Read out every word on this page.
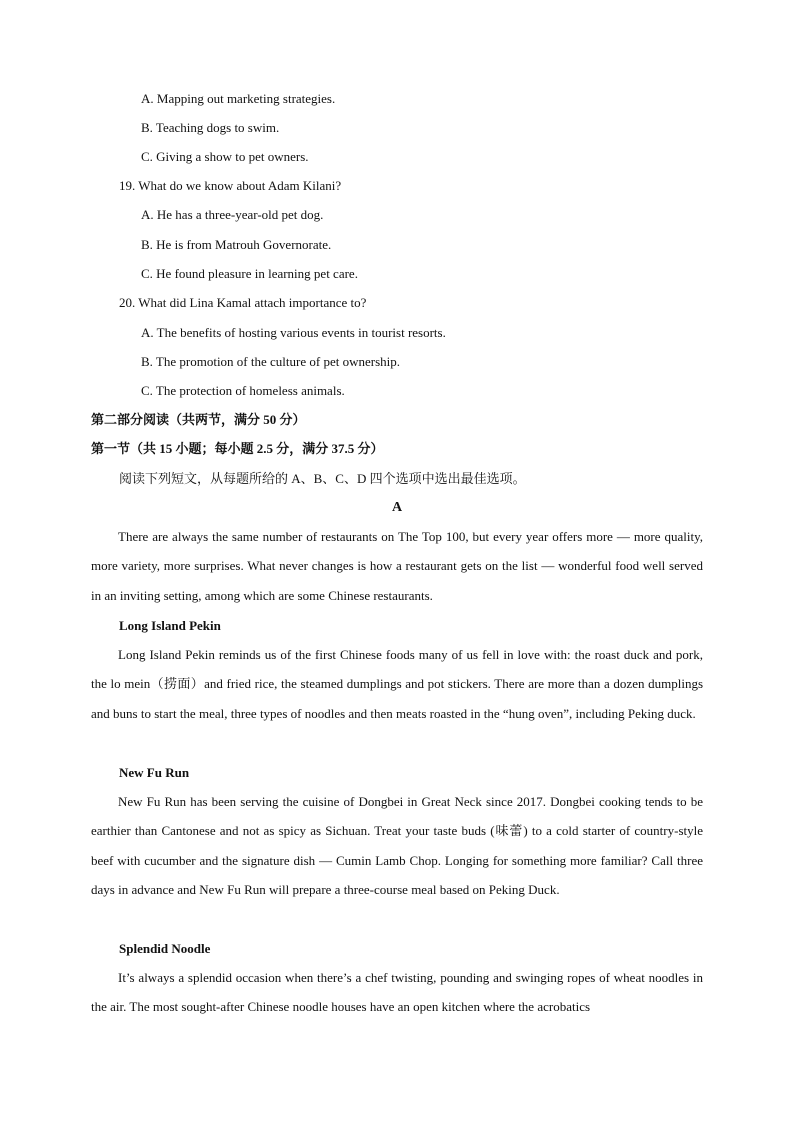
A. Mapping out marketing strategies.
B. Teaching dogs to swim.
C. Giving a show to pet owners.
19. What do we know about Adam Kilani?
A. He has a three-year-old pet dog.
B. He is from Matrouh Governorate.
C. He found pleasure in learning pet care.
20. What did Lina Kamal attach importance to?
A. The benefits of hosting various events in tourist resorts.
B. The promotion of the culture of pet ownership.
C. The protection of homeless animals.
第二部分阅读（共两节，满分 50 分）
第一节（共 15 小题；每小题 2.5 分，满分 37.5 分）
阅读下列短文，从每题所给的 A、B、C、D 四个选项中选出最佳选项。
A
There are always the same number of restaurants on The Top 100, but every year offers more — more quality, more variety, more surprises. What never changes is how a restaurant gets on the list — wonderful food well served in an inviting setting, among which are some Chinese restaurants.
Long Island Pekin
Long Island Pekin reminds us of the first Chinese foods many of us fell in love with: the roast duck and pork, the lo mein（捞面）and fried rice, the steamed dumplings and pot stickers. There are more than a dozen dumplings and buns to start the meal, three types of noodles and then meats roasted in the “hung oven”, including Peking duck.
New Fu Run
New Fu Run has been serving the cuisine of Dongbei in Great Neck since 2017. Dongbei cooking tends to be earthier than Cantonese and not as spicy as Sichuan. Treat your taste buds (味蕾) to a cold starter of country-style beef with cucumber and the signature dish — Cumin Lamb Chop. Longing for something more familiar? Call three days in advance and New Fu Run will prepare a three-course meal based on Peking Duck.
Splendid Noodle
It’s always a splendid occasion when there’s a chef twisting, pounding and swinging ropes of wheat noodles in the air. The most sought-after Chinese noodle houses have an open kitchen where the acrobatics
